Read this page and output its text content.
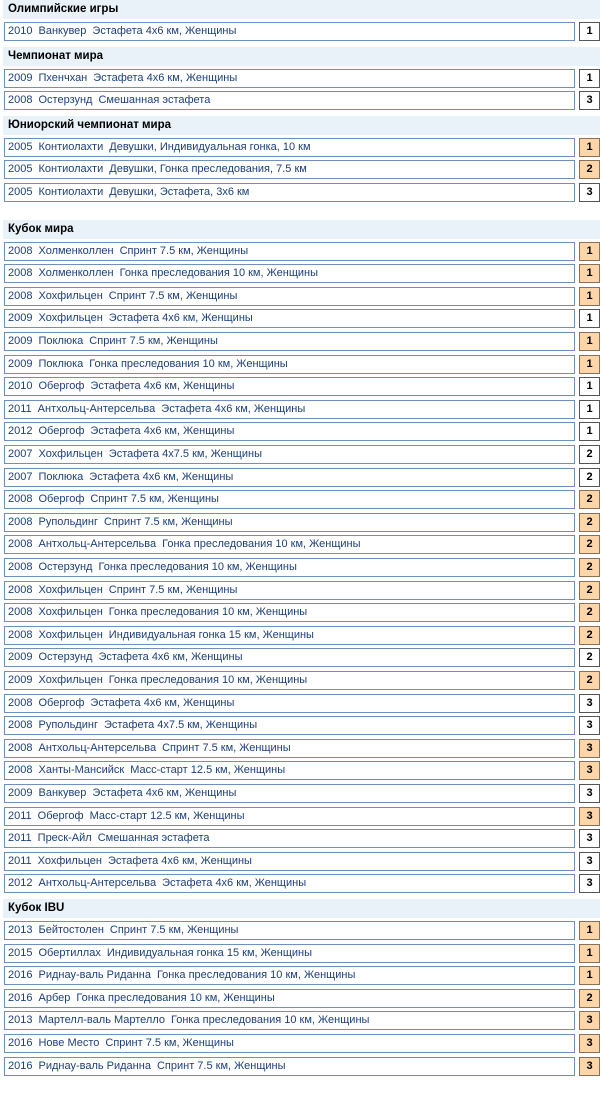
Олимпийские игры
2010 Ванкувер Эстафета 4x6 км, Женщины	1
Чемпионат мира
2009 Пхенчхан Эстафета 4x6 км, Женщины	1
2008 Остерзунд Смешанная эстафета	3
Юниорский чемпионат мира
2005 Контиолахти Девушки, Индивидуальная гонка, 10 км	1
2005 Контиолахти Девушки, Гонка преследования, 7.5 км	2
2005 Контиолахти Девушки, Эстафета, 3x6 км	3
Кубок мира
2008 Холменколлен Спринт 7.5 км, Женщины	1
2008 Холменколлен Гонка преследования 10 км, Женщины	1
2008 Хохфильцен Спринт 7.5 км, Женщины	1
2009 Хохфильцен Эстафета 4x6 км, Женщины	1
2009 Поклюка Спринт 7.5 км, Женщины	1
2009 Поклюка Гонка преследования 10 км, Женщины	1
2010 Обергоф Эстафета 4x6 км, Женщины	1
2011 Антхольц-Антерсельва Эстафета 4x6 км, Женщины	1
2012 Обергоф Эстафета 4x6 км, Женщины	1
2007 Хохфильцен Эстафета 4x7.5 км, Женщины	2
2007 Поклюка Эстафета 4x6 км, Женщины	2
2008 Обергоф Спринт 7.5 км, Женщины	2
2008 Рупольдинг Спринт 7.5 км, Женщины	2
2008 Антхольц-Антерсельва Гонка преследования 10 км, Женщины	2
2008 Остерзунд Гонка преследования 10 км, Женщины	2
2008 Хохфильцен Спринт 7.5 км, Женщины	2
2008 Хохфильцен Гонка преследования 10 км, Женщины	2
2008 Хохфильцен Индивидуальная гонка 15 км, Женщины	2
2009 Остерзунд Эстафета 4x6 км, Женщины	2
2009 Хохфильцен Гонка преследования 10 км, Женщины	2
2008 Обергоф Эстафета 4x6 км, Женщины	3
2008 Рупольдинг Эстафета 4x7.5 км, Женщины	3
2008 Антхольц-Антерсельва Спринт 7.5 км, Женщины	3
2008 Ханты-Мансийск Масс-старт 12.5 км, Женщины	3
2009 Ванкувер Эстафета 4x6 км, Женщины	3
2011 Обергоф Масс-старт 12.5 км, Женщины	3
2011 Преск-Айл Смешанная эстафета	3
2011 Хохфильцен Эстафета 4x6 км, Женщины	3
2012 Антхольц-Антерсельва Эстафета 4x6 км, Женщины	3
Кубок IBU
2013 Бейтостолен Спринт 7.5 км, Женщины	1
2015 Обертиллах Индивидуальная гонка 15 км, Женщины	1
2016 Риднау-валь Риданна Гонка преследования 10 км, Женщины	1
2016 Арбер Гонка преследования 10 км, Женщины	2
2013 Мартелл-валь Мартелло Гонка преследования 10 км, Женщины	3
2016 Нове Место Спринт 7.5 км, Женщины	3
2016 Риднау-валь Риданна Спринт 7.5 км, Женщины	3
